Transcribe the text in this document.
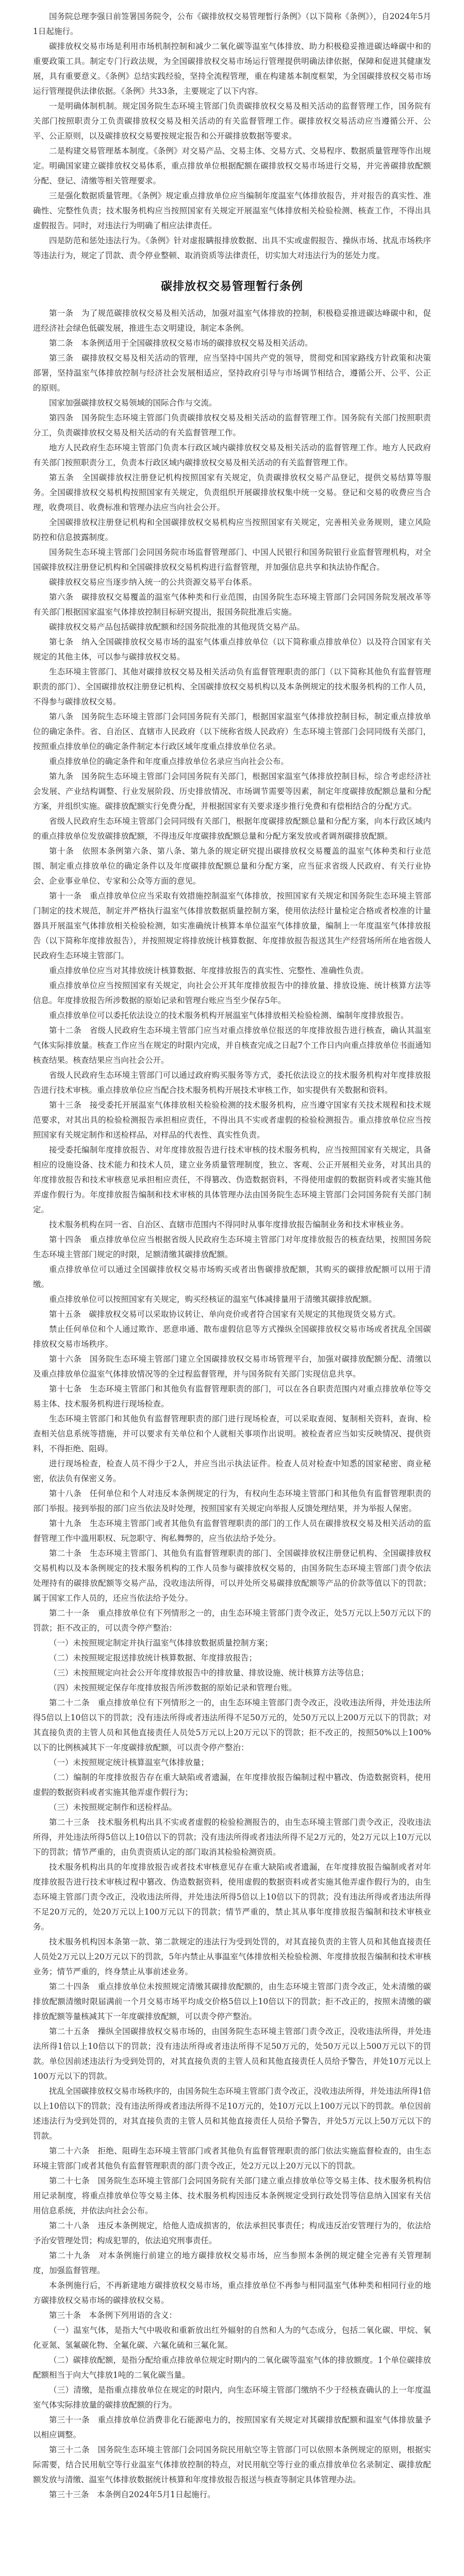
国务院总理李强日前签署国务院令，公布《碳排放权交易管理暂行条例》（以下简称《条例》），自2024年5月1日起施行。

碳排放权交易市场是利用市场机制控制和减少二氧化碳等温室气体排放、助力积极稳妥推进碳达峰碳中和的重要政策工具。制定专门行政法规，为全国碳排放权交易市场运行管理提供明确法律依据，保障和促进其健康发展，具有重要意义。《条例》总结实践经验，坚持全流程管理，重在构建基本制度框架，为全国碳排放权交易市场运行管理提供法律依据。《条例》共33条，主要规定了以下内容。

一是明确体制机制。规定国务院生态环境主管部门负责碳排放权交易及相关活动的监督管理工作，国务院有关部门按照职责分工负责碳排放权交易及相关活动的有关监督管理工作。碳排放权交易活动应当遵循公开、公平、公正原则，以及碳排放权交易要按规定报告和公开碳排放数据等要求。

二是构建交易管理基本制度。《条例》对交易产品、交易主体、交易方式、交易程序、数据质量管理等作出规定。明确国家建立碳排放权交易体系，重点排放单位根据配额在碳排放权交易市场进行交易，并完善碳排放配额分配、登记、清缴等相关管理要求。

三是强化数据质量管理。《条例》规定重点排放单位应当编制年度温室气体排放报告，并对报告的真实性、准确性、完整性负责；技术服务机构应当按照国家有关规定开展温室气体排放相关检验检测、核查工作，不得出具虚假报告。同时，对违法行为明确了相应法律责任。

四是防范和惩处违法行为。《条例》针对虚报瞒报排放数据、出具不实或虚假报告、操纵市场、扰乱市场秩序等违法行为，规定了罚款、责令停业整顿、取消资质等法律责任，切实加大对违法行为的惩处力度。

碳排放权交易管理暂行条例

第一条　为了规范碳排放权交易及相关活动，加强对温室气体排放的控制，积极稳妥推进碳达峰碳中和，促进经济社会绿色低碳发展，推进生态文明建设，制定本条例。

第二条　本条例适用于全国碳排放权交易市场的碳排放权交易及相关活动。

第三条　碳排放权交易及相关活动的管理，应当坚持中国共产党的领导，贯彻党和国家路线方针政策和决策部署，坚持温室气体排放控制与经济社会发展相适应，坚持政府引导与市场调节相结合，遵循公开、公平、公正的原则。

国家加强碳排放权交易领域的国际合作与交流。

第四条　国务院生态环境主管部门负责碳排放权交易及相关活动的监督管理工作。国务院有关部门按照职责分工，负责碳排放权交易及相关活动的有关监督管理工作。

地方人民政府生态环境主管部门负责本行政区域内碳排放权交易及相关活动的监督管理工作。地方人民政府有关部门按照职责分工，负责本行政区域内碳排放权交易及相关活动的有关监督管理工作。

第五条　全国碳排放权注册登记机构按照国家有关规定，负责碳排放权交易产品登记，提供交易结算等服务。全国碳排放权交易机构按照国家有关规定，负责组织开展碳排放权集中统一交易。登记和交易的收费应当合理，收费项目、收费标准和管理办法应当向社会公开。

全国碳排放权注册登记机构和全国碳排放权交易机构应当按照国家有关规定，完善相关业务规则，建立风险防控和信息披露制度。

国务院生态环境主管部门会同国务院市场监督管理部门、中国人民银行和国务院银行业监督管理机构，对全国碳排放权注册登记机构和全国碳排放权交易机构进行监督管理，并加强信息共享和执法协作配合。

碳排放权交易应当逐步纳入统一的公共资源交易平台体系。

第六条　碳排放权交易覆盖的温室气体种类和行业范围，由国务院生态环境主管部门会同国务院发展改革等有关部门根据国家温室气体排放控制目标研究提出，报国务院批准后实施。

碳排放权交易产品包括碳排放配额和经国务院批准的其他现货交易产品。

第七条　纳入全国碳排放权交易市场的温室气体重点排放单位（以下简称重点排放单位）以及符合国家有关规定的其他主体，可以参与碳排放权交易。

生态环境主管部门、其他对碳排放权交易及相关活动负有监督管理职责的部门（以下简称其他负有监督管理职责的部门）、全国碳排放权注册登记机构、全国碳排放权交易机构以及本条例规定的技术服务机构的工作人员，不得参与碳排放权交易。

第八条　国务院生态环境主管部门会同国务院有关部门，根据国家温室气体排放控制目标，制定重点排放单位的确定条件。省、自治区、直辖市人民政府（以下统称省级人民政府）生态环境主管部门会同同级有关部门，按照重点排放单位的确定条件制定本行政区域年度重点排放单位名录。

重点排放单位的确定条件和年度重点排放单位名录应当向社会公布。

第九条　国务院生态环境主管部门会同国务院有关部门，根据国家温室气体排放控制目标，综合考虑经济社会发展、产业结构调整、行业发展阶段、历史排放情况、市场调节需要等因素，制定年度碳排放配额总量和分配方案，并组织实施。碳排放配额实行免费分配，并根据国家有关要求逐步推行免费和有偿相结合的分配方式。

省级人民政府生态环境主管部门会同同级有关部门，根据年度碳排放配额总量和分配方案，向本行政区域内的重点排放单位发放碳排放配额，不得违反年度碳排放配额总量和分配方案发放或者调剂碳排放配额。

第十条　依照本条例第六条、第八条、第九条的规定研究提出碳排放权交易覆盖的温室气体种类和行业范围、制定重点排放单位的确定条件以及年度碳排放配额总量和分配方案，应当征求省级人民政府、有关行业协会、企业事业单位、专家和公众等方面的意见。

第十一条　重点排放单位应当采取有效措施控制温室气体排放，按照国家有关规定和国务院生态环境主管部门制定的技术规范，制定并严格执行温室气体排放数据质量控制方案，使用依法经计量检定合格或者校准的计量器具开展温室气体排放相关检验检测，如实准确统计核算本单位温室气体排放量，编制上一年度温室气体排放报告（以下简称年度排放报告），并按照规定将排放统计核算数据、年度排放报告报送其生产经营场所所在地省级人民政府生态环境主管部门。

重点排放单位应当对其排放统计核算数据、年度排放报告的真实性、完整性、准确性负责。

重点排放单位应当按照国家有关规定，向社会公开其年度排放报告中的排放量、排放设施、统计核算方法等信息。年度排放报告所涉数据的原始记录和管理台账应当至少保存5年。

重点排放单位可以委托依法设立的技术服务机构开展温室气体排放相关检验检测、编制年度排放报告。

第十二条　省级人民政府生态环境主管部门应当对重点排放单位报送的年度排放报告进行核查，确认其温室气体实际排放量。核查工作应当在规定的时限内完成，并自核查完成之日起7个工作日内向重点排放单位书面通知核查结果。核查结果应当向社会公开。

省级人民政府生态环境主管部门可以通过政府购买服务等方式，委托依法设立的技术服务机构对年度排放报告进行技术审核。重点排放单位应当配合技术服务机构开展技术审核工作，如实提供有关数据和资料。

第十三条　接受委托开展温室气体排放相关检验检测的技术服务机构，应当遵守国家有关技术规程和技术规范要求，对其出具的检验检测报告承担相应责任，不得出具不实或者虚假的检验检测报告。重点排放单位应当按照国家有关规定制作和送检样品，对样品的代表性、真实性负责。

接受委托编制年度排放报告、对年度排放报告进行技术审核的技术服务机构，应当按照国家有关规定，具备相应的设施设备、技术能力和技术人员，建立业务质量管理制度，独立、客观、公正开展相关业务，对其出具的年度排放报告和技术审核意见承担相应责任，不得篡改、伪造数据资料，不得使用虚假的数据资料或者实施其他弄虚作假行为。年度排放报告编制和技术审核的具体管理办法由国务院生态环境主管部门会同国务院有关部门制定。

技术服务机构在同一省、自治区、直辖市范围内不得同时从事年度排放报告编制业务和技术审核业务。

第十四条　重点排放单位应当根据省级人民政府生态环境主管部门对年度排放报告的核查结果，按照国务院生态环境主管部门规定的时限，足额清缴其碳排放配额。

重点排放单位可以通过全国碳排放权交易市场购买或者出售碳排放配额，其购买的碳排放配额可以用于清缴。

重点排放单位可以按照国家有关规定，购买经核证的温室气体减排量用于清缴其碳排放配额。

第十五条　碳排放权交易可以采取协议转让、单向竞价或者符合国家有关规定的其他现货交易方式。

禁止任何单位和个人通过欺诈、恶意串通、散布虚假信息等方式操纵全国碳排放权交易市场或者扰乱全国碳排放权交易市场秩序。

第十六条　国务院生态环境主管部门建立全国碳排放权交易市场管理平台，加强对碳排放配额分配、清缴以及重点排放单位温室气体排放情况等的全过程监督管理，并与国务院有关部门实现信息共享。

第十七条　生态环境主管部门和其他负有监督管理职责的部门，可以在各自职责范围内对重点排放单位等交易主体、技术服务机构进行现场检查。

生态环境主管部门和其他负有监督管理职责的部门进行现场检查，可以采取查阅、复制相关资料，查询、检查相关信息系统等措施，并可以要求有关单位和个人就相关事项作出说明。被检查者应当如实反映情况、提供资料，不得拒绝、阻碍。

进行现场检查，检查人员不得少于2人，并应当出示执法证件。检查人员对检查中知悉的国家秘密、商业秘密，依法负有保密义务。

第十八条　任何单位和个人对违反本条例规定的行为，有权向生态环境主管部门和其他负有监督管理职责的部门举报。接到举报的部门应当依法及时处理，按照国家有关规定向举报人反馈处理结果，并为举报人保密。

第十九条　生态环境主管部门或者其他负有监督管理职责的部门的工作人员在碳排放权交易及相关活动的监督管理工作中滥用职权、玩忽职守、徇私舞弊的，应当依法给予处分。

第二十条　生态环境主管部门、其他负有监督管理职责的部门、全国碳排放权注册登记机构、全国碳排放权交易机构以及本条例规定的技术服务机构的工作人员参与碳排放权交易的，由国务院生态环境主管部门责令依法处理持有的碳排放配额等交易产品，没收违法所得，可以并处所交易碳排放配额等产品的价款等值以下的罚款；属于国家工作人员的，还应当依法给予处分。

第二十一条　重点排放单位有下列情形之一的，由生态环境主管部门责令改正，处5万元以上50万元以下的罚款；拒不改正的，可以责令停产整治：

（一）未按照规定制定并执行温室气体排放数据质量控制方案；

（二）未按照规定报送排放统计核算数据、年度排放报告；

（三）未按照规定向社会公开年度排放报告中的排放量、排放设施、统计核算方法等信息；

（四）未按照规定保存年度排放报告所涉数据的原始记录和管理台账。

第二十二条　重点排放单位有下列情形之一的，由生态环境主管部门责令改正，没收违法所得，并处违法所得5倍以上10倍以下的罚款；没有违法所得或者违法所得不足50万元的，处50万元以上200万元以下的罚款；对其直接负责的主管人员和其他直接责任人员处5万元以上20万元以下的罚款；拒不改正的，按照50%以上100%以下的比例核减其下一年度碳排放配额，可以责令停产整治：

（一）未按照规定统计核算温室气体排放量；

（二）编制的年度排放报告存在重大缺陷或者遗漏，在年度排放报告编制过程中篡改、伪造数据资料，使用虚假的数据资料或者实施其他弄虚作假行为；

（三）未按照规定制作和送检样品。

第二十三条　技术服务机构出具不实或者虚假的检验检测报告的，由生态环境主管部门责令改正，没收违法所得，并处违法所得5倍以上10倍以下的罚款；没有违法所得或者违法所得不足2万元的，处2万元以上10万元以下的罚款；情节严重的，由负责资质认定的部门取消其检验检测资质。

技术服务机构出具的年度排放报告或者技术审核意见存在重大缺陷或者遗漏，在年度排放报告编制或者对年度排放报告进行技术审核过程中篡改、伪造数据资料，使用虚假的数据资料或者实施其他弄虚作假行为的，由生态环境主管部门责令改正，没收违法所得，并处违法所得5倍以上10倍以下的罚款；没有违法所得或者违法所得不足20万元的，处20万元以上100万元以下的罚款；情节严重的，禁止其从事年度排放报告编制和技术审核业务。

技术服务机构因本条第一款、第二款规定的违法行为受到处罚的，对其直接负责的主管人员和其他直接责任人员处2万元以上20万元以下的罚款，5年内禁止从事温室气体排放相关检验检测、年度排放报告编制和技术审核业务；情节严重的，终身禁止从事前述业务。

第二十四条　重点排放单位未按照规定清缴其碳排放配额的，由生态环境主管部门责令改正，处未清缴的碳排放配额清缴时限届满前一个月交易市场平均成交价格5倍以上10倍以下的罚款；拒不改正的，按照未清缴的碳排放配额等量核减其下一年度碳排放配额，可以责令停产整治。

第二十五条　操纵全国碳排放权交易市场的，由国务院生态环境主管部门责令改正，没收违法所得，并处违法所得1倍以上10倍以下的罚款；没有违法所得或者违法所得不足50万元的，处50万元以上500万元以下的罚款。单位因前述违法行为受到处罚的，对其直接负责的主管人员和其他直接责任人员给予警告，并处10万元以上100万元以下的罚款。

扰乱全国碳排放权交易市场秩序的，由国务院生态环境主管部门责令改正，没收违法所得，并处违法所得1倍以上10倍以下的罚款；没有违法所得或者违法所得不足10万元的，处10万元以上100万元以下的罚款。单位因前述违法行为受到处罚的，对其直接负责的主管人员和其他直接责任人员给予警告，并处5万元以上50万元以下的罚款。

第二十六条　拒绝、阻碍生态环境主管部门或者其他负有监督管理职责的部门依法实施监督检查的，由生态环境主管部门或者其他负有监督管理职责的部门责令改正，处2万元以上20万元以下的罚款。

第二十七条　国务院生态环境主管部门会同国务院有关部门建立重点排放单位等交易主体、技术服务机构信用记录制度，将重点排放单位等交易主体、技术服务机构因违反本条例规定受到行政处罚等信息纳入国家有关信用信息系统，并依法向社会公布。

第二十八条　违反本条例规定，给他人造成损害的，依法承担民事责任；构成违反治安管理行为的，依法给予治安管理处罚；构成犯罪的，依法追究刑事责任。

第二十九条　对本条例施行前建立的地方碳排放权交易市场，应当参照本条例的规定健全完善有关管理制度，加强监督管理。

本条例施行后，不再新建地方碳排放权交易市场，重点排放单位不再参与相同温室气体种类和相同行业的地方碳排放权交易市场的碳排放权交易。

第三十条　本条例下列用语的含义：

（一）温室气体，是指大气中吸收和重新放出红外辐射的自然和人为的气态成分，包括二氧化碳、甲烷、氧化亚氮、氢氟碳化物、全氟化碳、六氟化硫和三氟化氮。

（二）碳排放配额，是指分配给重点排放单位规定时期内的二氧化碳等温室气体的排放额度。1个单位碳排放配额相当于向大气排放1吨的二氧化碳当量。

（三）清缴，是指重点排放单位在规定的时限内，向生态环境主管部门缴纳不少于经核查确认的上一年度温室气体实际排放量的碳排放配额的行为。

第三十一条　重点排放单位消费非化石能源电力的，按照国家有关规定对其碳排放配额和温室气体排放量予以相应调整。

第三十二条　国务院生态环境主管部门会同国务院民用航空等主管部门可以依照本条例规定的原则，根据实际需要，结合民用航空等行业温室气体排放控制的特点，对民用航空等行业的重点排放单位名录制定、碳排放配额发放与清缴、温室气体排放数据统计核算和年度排放报告报送与核查等制定具体管理办法。

第三十三条　本条例自2024年5月1日起施行。
